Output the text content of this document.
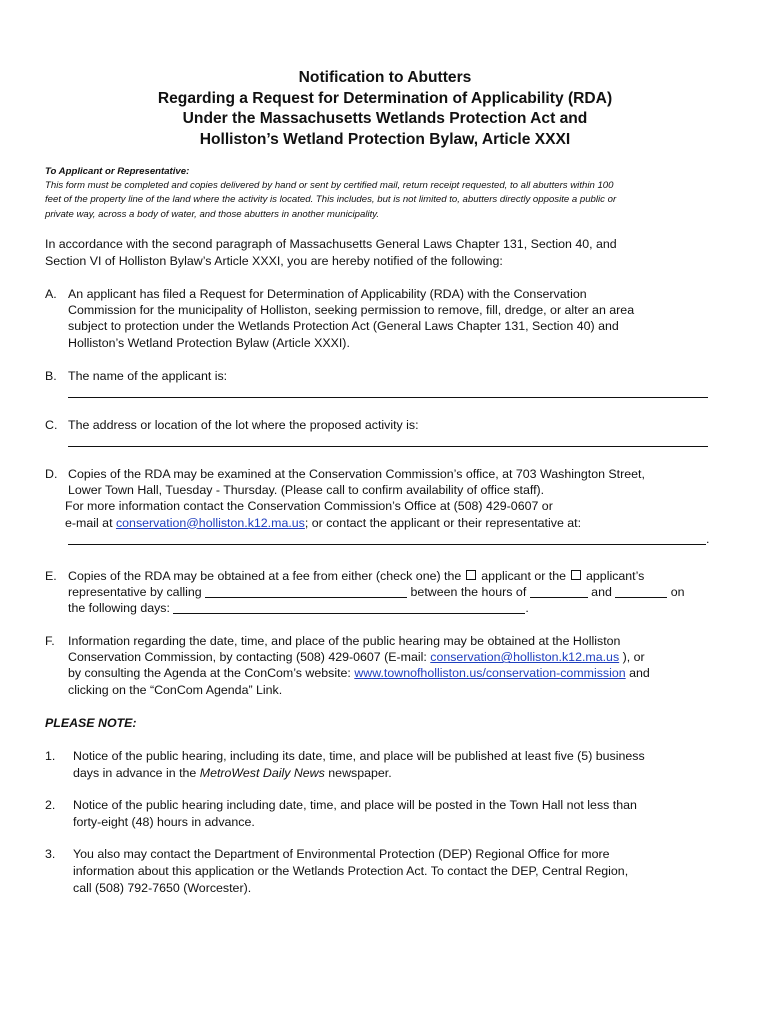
Notification to Abutters
Regarding a Request for Determination of Applicability (RDA)
Under the Massachusetts Wetlands Protection Act and
Holliston’s Wetland Protection Bylaw, Article XXXI
To Applicant or Representative:
This form must be completed and copies delivered by hand or sent by certified mail, return receipt requested, to all abutters within 100
feet of the property line of the land where the activity is located. This includes, but is not limited to, abutters directly opposite a public or
private way, across a body of water, and those abutters in another municipality.
In accordance with the second paragraph of Massachusetts General Laws Chapter 131, Section 40, and
Section VI of Holliston Bylaw’s Article XXXI, you are hereby notified of the following:
A. An applicant has filed a Request for Determination of Applicability (RDA) with the Conservation
Commission for the municipality of Holliston, seeking permission to remove, fill, dredge, or alter an area
subject to protection under the Wetlands Protection Act (General Laws Chapter 131, Section 40) and
Holliston’s Wetland Protection Bylaw (Article XXXI).
B. The name of the applicant is:
C. The address or location of the lot where the proposed activity is:
D. Copies of the RDA may be examined at the Conservation Commission’s office, at 703 Washington Street,
Lower Town Hall, Tuesday - Thursday. (Please call to confirm availability of office staff).
For more information contact the Conservation Commission’s Office at (508) 429-0607 or
e-mail at conservation@holliston.k12.ma.us; or contact the applicant or their representative at:
.
E. Copies of the RDA may be obtained at a fee from either (check one) the applicant or the applicant’s
representative by calling	between the hours of	and	on
the following days:	.
F. Information regarding the date, time, and place of the public hearing may be obtained at the Holliston
Conservation Commission, by contacting (508) 429-0607 (E-mail: conservation@holliston.k12.ma.us ), or
by consulting the Agenda at the ConCom’s website: www.townofholliston.us/conservation-commission and
clicking on the “ConCom Agenda” Link.
PLEASE NOTE:
1. Notice of the public hearing, including its date, time, and place will be published at least five (5) business
days in advance in the MetroWest Daily News newspaper.
2. Notice of the public hearing including date, time, and place will be posted in the Town Hall not less than
forty-eight (48) hours in advance.
3. You also may contact the Department of Environmental Protection (DEP) Regional Office for more
information about this application or the Wetlands Protection Act. To contact the DEP, Central Region,
call (508) 792-7650 (Worcester).
